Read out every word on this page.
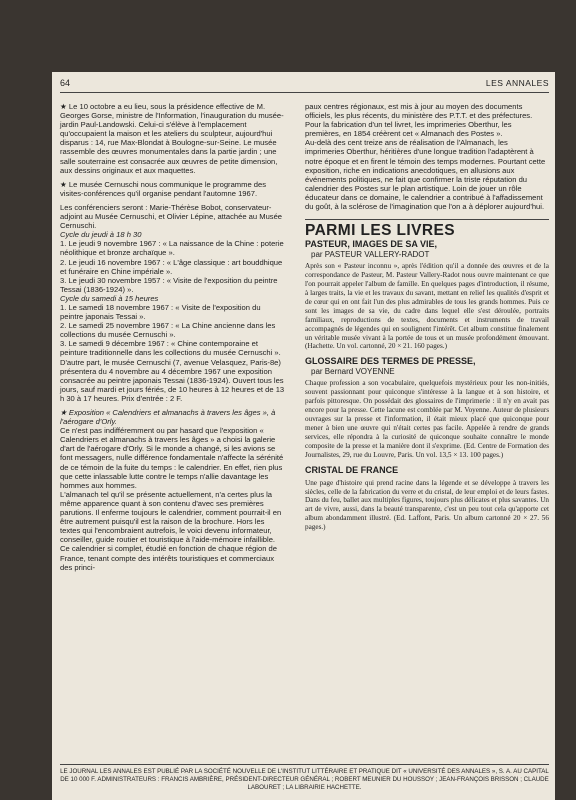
64	LES ANNALES

★ Le 10 octobre a eu lieu, sous la présidence effective de M. Georges Gorse, ministre de l'Information, l'inauguration du musée-jardin Paul-Landowski. Celui-ci s'élève à l'emplacement qu'occupaient la maison et les ateliers du sculpteur, aujourd'hui disparus : 14, rue Max-Blondat à Boulogne-sur-Seine. Le musée rassemble des œuvres monumentales dans la partie jardin ; une salle souterraine est consacrée aux œuvres de petite dimension, aux dessins originaux et aux maquettes.

★ Le musée Cernuschi nous communique le programme des visites-conférences qu'il organise pendant l'automne 1967.

Les conférenciers seront : Marie-Thérèse Bobot, conservateur-adjoint au Musée Cernuschi, et Olivier Lépine, attachée au Musée Cernuschi.

Cycle du jeudi à 18 h 30

1. Le jeudi 9 novembre 1967 : « La naissance de la Chine : poterie néolithique et bronze archaïque ».

2. Le jeudi 16 novembre 1967 : « L'âge classique : art bouddhique et funéraire en Chine impériale ».

3. Le jeudi 30 novembre 1957 : « Visite de l'exposition du peintre Tessai (1836-1924) ».

Cycle du samedi à 15 heures

1. Le samedi 18 novembre 1967 : « Visite de l'exposition du peintre japonais Tessai ».

2. Le samedi 25 novembre 1967 : « La Chine ancienne dans les collections du musée Cernuschi ».

3. Le samedi 9 décembre 1967 : « Chine contemporaine et peinture traditionnelle dans les collections du musée Cernuschi ».

D'autre part, le musée Cernuschi (7, avenue Velasquez, Paris-8e) présentera du 4 novembre au 4 décembre 1967 une exposition consacrée au peintre japonais Tessai (1836-1924). Ouvert tous les jours, sauf mardi et jours fériés, de 10 heures à 12 heures et de 13 h 30 à 17 heures. Prix d'entrée : 2 F.

★ Exposition « Calendriers et almanachs à travers les âges », à l'aérogare d'Orly.

Ce n'est pas indifféremment ou par hasard que l'exposition « Calendriers et almanachs à travers les âges » a choisi la galerie d'art de l'aérogare d'Orly. Si le monde a changé, si les avions se font messagers, nulle différence fondamentale n'affecte la sérénité de ce témoin de la fuite du temps : le calendrier. En effet, rien plus que cette inlassable lutte contre le temps n'allie davantage les hommes aux hommes.

L'almanach tel qu'il se présente actuellement, n'a certes plus la même apparence quant à son contenu d'avec ses premières parutions. Il enferme toujours le calendrier, comment pourrait-il en être autrement puisqu'il est la raison de la brochure. Hors les textes qui l'encombraient autrefois, le voici devenu informateur, conseiller, guide routier et touristique à l'aide-mémoire infaillible.

Ce calendrier si complet, étudié en fonction de chaque région de France, tenant compte des intérêts touristiques et commerciaux des princi-

paux centres régionaux, est mis à jour au moyen des documents officiels, les plus récents, du ministère des P.T.T. et des préfectures.

Pour la fabrication d'un tel livret, les imprimeries Oberthur, les premières, en 1854 créèrent cet « Almanach des Postes ».

Au-delà des cent treize ans de réalisation de l'Almanach, les imprimeries Oberthur, héritières d'une longue tradition l'adaptèrent à notre époque et en firent le témoin des temps modernes. Pourtant cette exposition, riche en indications anecdotiques, en allusions aux événements politiques, ne fait que confirmer la triste réputation du calendrier des Postes sur le plan artistique. Loin de jouer un rôle éducateur dans ce domaine, le calendrier a contribué à l'affadissement du goût, à la sclérose de l'imagination que l'on a à déplorer aujourd'hui.

PARMI LES LIVRES
PASTEUR, IMAGES DE SA VIE,
par PASTEUR VALLERY-RADOT

Après son « Pasteur inconnu », après l'édition qu'il a donnée des œuvres et de la correspondance de Pasteur, M. Pasteur Vallery-Radot nous ouvre maintenant ce que l'on pourrait appeler l'album de famille. En quelques pages d'introduction, il résume, à larges traits, la vie et les travaux du savant, mettant en relief les qualités d'esprit et de cœur qui en ont fait l'un des plus admirables de tous les grands hommes. Puis ce sont les images de sa vie, du cadre dans lequel elle s'est déroulée, portraits familiaux, reproductions de textes, documents et instruments de travail accompagnés de légendes qui en soulignent l'intérêt. Cet album constitue finalement un véritable musée vivant à la portée de tous et un musée profondément émouvant. (Hachette. Un vol. cartonné, 20 × 21. 160 pages.)

GLOSSAIRE DES TERMES DE PRESSE,
par Bernard VOYENNE

Chaque profession a son vocabulaire, quelquefois mystérieux pour les non-initiés, souvent passionnant pour quiconque s'intéresse à la langue et à son histoire, et parfois pittoresque. On possédait des glossaires de l'imprimerie : il n'y en avait pas encore pour la presse. Cette lacune est comblée par M. Voyenne. Auteur de plusieurs ouvrages sur la presse et l'information, il était mieux placé que quiconque pour mener à bien une œuvre qui n'était certes pas facile. Appelée à rendre de grands services, elle répondra à la curiosité de quiconque souhaite connaître le monde composite de la presse et la manière dont il s'exprime. (Ed. Centre de Formation des Journalistes, 29, rue du Louvre, Paris. Un vol. 13,5 × 13. 100 pages.)

CRISTAL DE FRANCE

Une page d'histoire qui prend racine dans la légende et se développe à travers les siècles, celle de la fabrication du verre et du cristal, de leur emploi et de leurs fastes. Dans du feu, ballet aux multiples figures, toujours plus délicates et plus savantes. Un art de vivre, aussi, dans la beauté transparente, c'est un peu tout cela qu'apporte cet album abondamment illustré. (Ed. Laffont, Paris. Un album cartonné 20 × 27. 56 pages.)

LE JOURNAL LES ANNALES EST PUBLIÉ PAR LA SOCIÉTÉ NOUVELLE DE L'INSTITUT LITTÉRAIRE ET PRATIQUE DIT « UNIVERSITÉ DES ANNALES », S. A. AU CAPITAL DE 10 000 F. ADMINISTRATEURS : FRANCIS AMBRIÈRE, PRÉSIDENT-DIRECTEUR GÉNÉRAL ; ROBERT MEUNIER DU HOUSSOY ; JEAN-FRANÇOIS BRISSON ; CLAUDE LABOURET ; LA LIBRAIRIE HACHETTE.
